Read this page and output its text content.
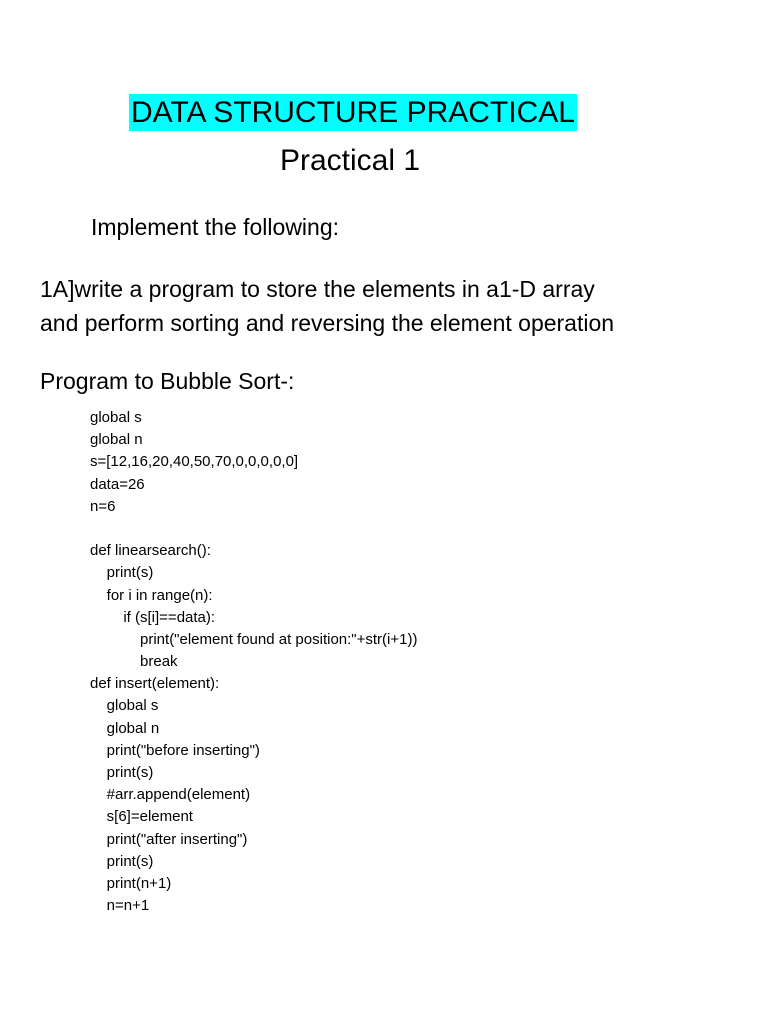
DATA STRUCTURE PRACTICAL
Practical 1
Implement the following:
1A]write a program to store the elements in a1-D array
and perform sorting and reversing the element operation
Program to Bubble Sort-:
global s
global n
s=[12,16,20,40,50,70,0,0,0,0,0]
data=26
n=6
def linearsearch():
print(s)
for i in range(n):
if (s[i]==data):
print("element found at position:"+str(i+1))
break
def insert(element):
global s
global n
print("before inserting")
print(s)
#arr.append(element)
s[6]=element
print("after inserting")
print(s)
print(n+1)
n=n+1
